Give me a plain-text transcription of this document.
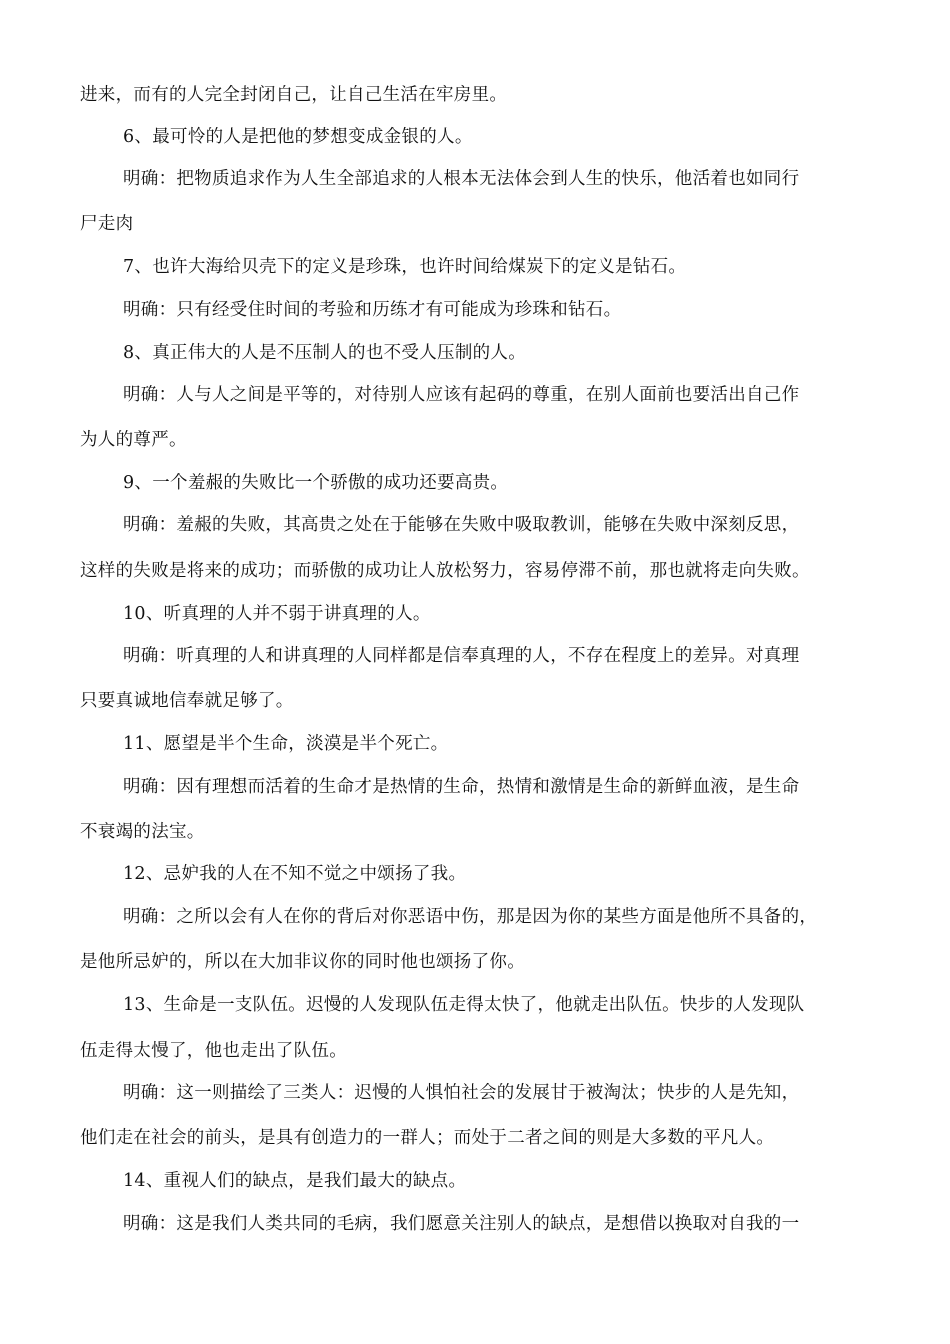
进来，而有的人完全封闭自己，让自己生活在牢房里。
6、最可怜的人是把他的梦想变成金银的人。
明确：把物质追求作为人生全部追求的人根本无法体会到人生的快乐，他活着也如同行
尸走肉
7、也许大海给贝壳下的定义是珍珠，也许时间给煤炭下的定义是钻石。
明确：只有经受住时间的考验和历练才有可能成为珍珠和钻石。
8、真正伟大的人是不压制人的也不受人压制的人。
明确：人与人之间是平等的，对待别人应该有起码的尊重，在别人面前也要活出自己作
为人的尊严。
9、一个羞赧的失败比一个骄傲的成功还要高贵。
明确：羞赧的失败，其高贵之处在于能够在失败中吸取教训，能够在失败中深刻反思，
这样的失败是将来的成功；而骄傲的成功让人放松努力，容易停滞不前，那也就将走向失败。
10、听真理的人并不弱于讲真理的人。
明确：听真理的人和讲真理的人同样都是信奉真理的人，不存在程度上的差异。对真理
只要真诚地信奉就足够了。
11、愿望是半个生命，淡漠是半个死亡。
明确：因有理想而活着的生命才是热情的生命，热情和激情是生命的新鲜血液，是生命
不衰竭的法宝。
12、忌妒我的人在不知不觉之中颂扬了我。
明确：之所以会有人在你的背后对你恶语中伤，那是因为你的某些方面是他所不具备的，
是他所忌妒的，所以在大加非议你的同时他也颂扬了你。
13、生命是一支队伍。迟慢的人发现队伍走得太快了，他就走出队伍。快步的人发现队
伍走得太慢了，他也走出了队伍。
明确：这一则描绘了三类人：迟慢的人惧怕社会的发展甘于被淘汰；快步的人是先知，
他们走在社会的前头，是具有创造力的一群人；而处于二者之间的则是大多数的平凡人。
14、重视人们的缺点，是我们最大的缺点。
明确：这是我们人类共同的毛病，我们愿意关注别人的缺点，是想借以换取对自我的一
